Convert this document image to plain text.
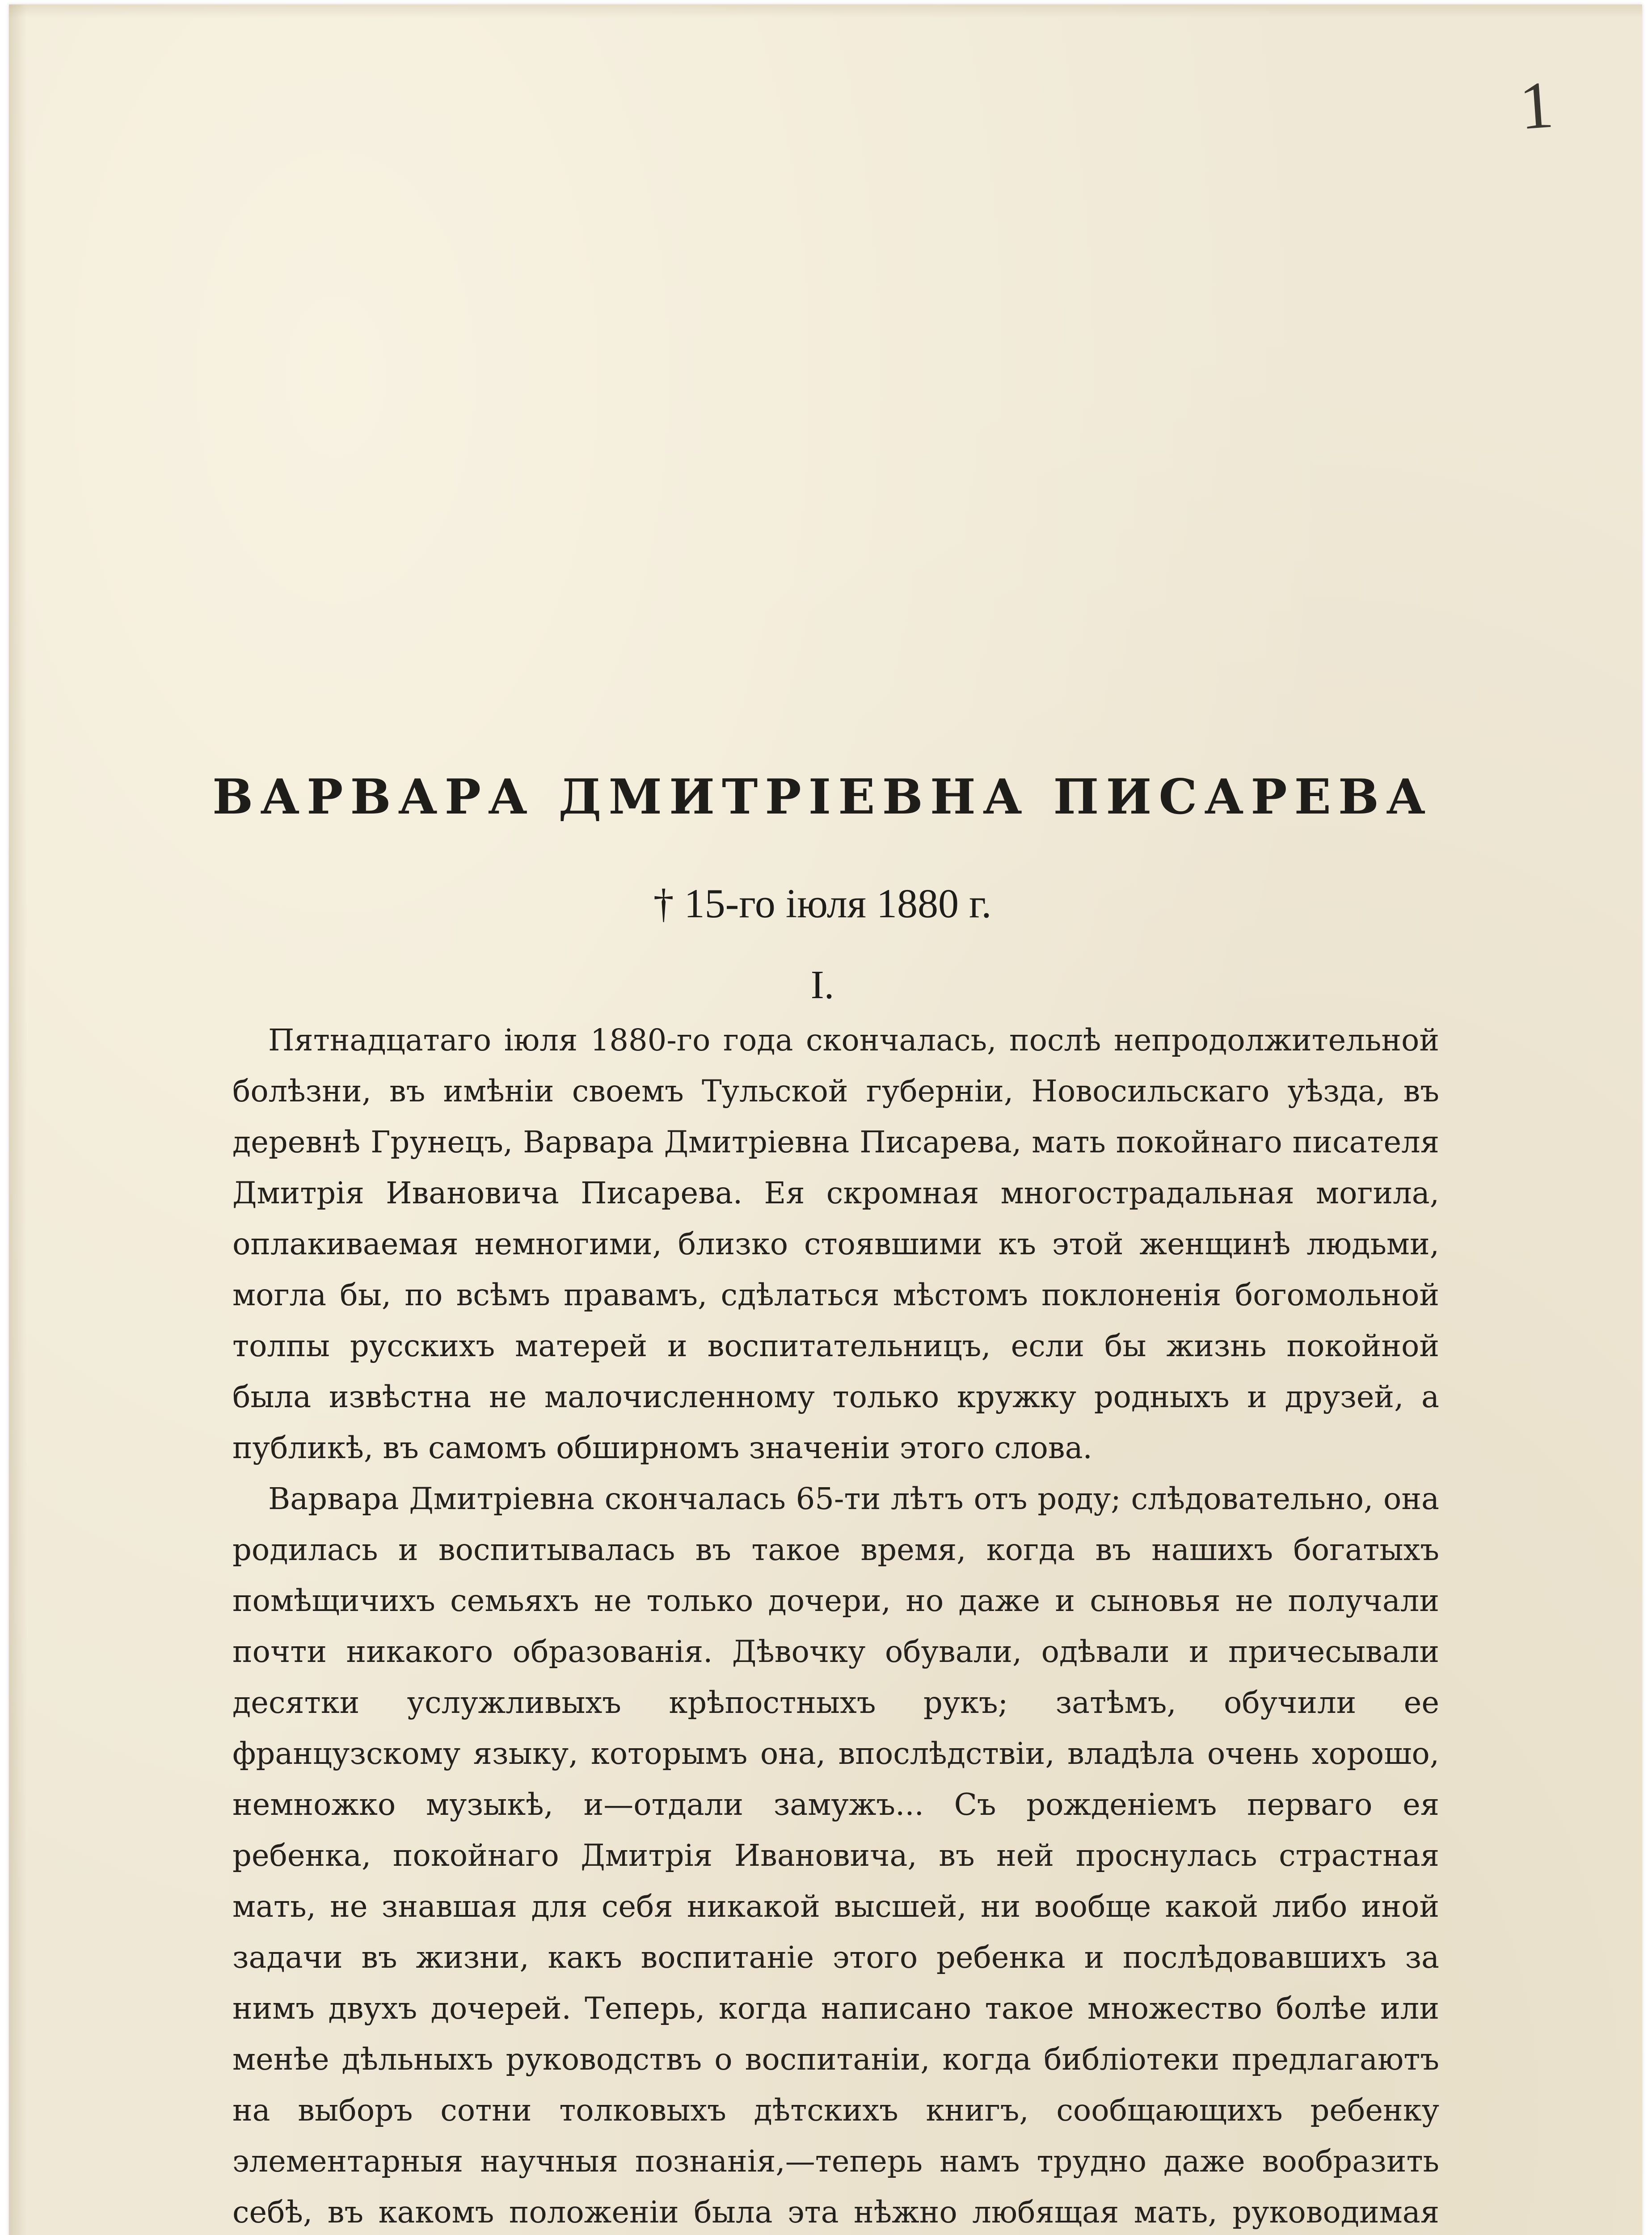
1
ВАРВАРА ДМИТРІЕВНА ПИСАРЕВА
† 15-го іюля 1880 г.
I.

Пятнадцатаго іюля 1880-го года скончалась, послѣ непродолжительной болѣзни, въ имѣніи своемъ Тульской губерніи, Новосильскаго уѣзда, въ деревнѣ Грунецъ, Варвара Дмитріевна Писарева, мать покойнаго писателя Дмитрія Ивановича Писарева. Ея скромная многострадальная могила, оплакиваемая немногими, близко стоявшими къ этой женщинѣ людьми, могла бы, по всѣмъ правамъ, сдѣлаться мѣстомъ поклоненія богомольной толпы русскихъ матерей и воспитательницъ, если бы жизнь покойной была извѣстна не малочисленному только кружку родныхъ и друзей, а публикѣ, въ самомъ обширномъ значеніи этого слова.

Варвара Дмитріевна скончалась 65-ти лѣтъ отъ роду; слѣдовательно, она родилась и воспитывалась въ такое время, когда въ нашихъ богатыхъ помѣщичихъ семьяхъ не только дочери, но даже и сыновья не получали почти никакого образованія. Дѣвочку обували, одѣвали и причесывали десятки услужливыхъ крѣпостныхъ рукъ; затѣмъ, обучили ее французскому языку, которымъ она, впослѣдствіи, владѣла очень хорошо, немножко музыкѣ, и—отдали замужъ... Съ рожденіемъ перваго ея ребенка, покойнаго Дмитрія Ивановича, въ ней проснулась страстная мать, не знавшая для себя никакой высшей, ни вообще какой либо иной задачи въ жизни, какъ воспитаніе этого ребенка и послѣдовавшихъ за нимъ двухъ дочерей. Теперь, когда написано такое множество болѣе или менѣе дѣльныхъ руководствъ о воспитаніи, когда библіотеки предлагаютъ на выборъ сотни толковыхъ дѣтскихъ книгъ, сообщающихъ ребенку элементарныя научныя познанія,—теперь намъ трудно даже вообразить себѣ, въ какомъ положеніи была эта нѣжно любящая мать, руководимая
